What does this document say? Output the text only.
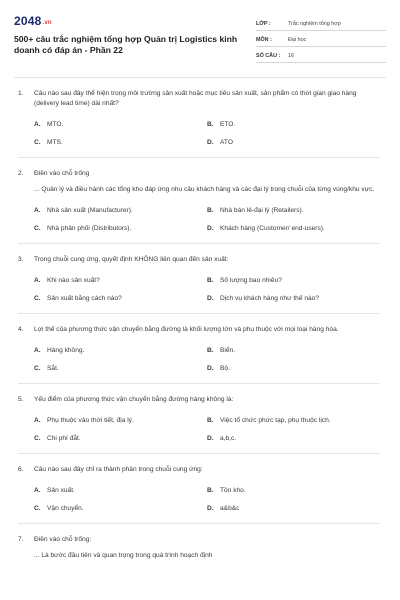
2048.vn
500+ câu trắc nghiệm tổng hợp Quản trị Logistics kinh doanh có đáp án - Phần 22
LỚP :	Trắc nghiệm tổng hợp
MÔN :	Đại học
SỐ CÂU :	16
1.	Câu nào sau đây thể hiện trong môi trường sản xuất hoặc mục tiêu sản xuất, sản phẩm có thời gian giao hàng (delivery lead time) dài nhất?
A. MTO.	B. ETO.
C. MTS.	D. ATO
2.	Điền vào chỗ trống
... Quản lý và điều hành các tổng kho đáp ứng nhu cầu khách hàng và các đại lý trong chuỗi của từng vùng/khu vực.
A. Nhà sản xuất (Manufacturer).	B. Nhà bán lẻ-đại lý (Retailers).
C. Nhà phân phối (Distributors).	D. Khách hàng (Customer/ end-users).
3.	Trong chuỗi cung ứng, quyết định KHÔNG liên quan đến sản xuất:
A. Khi nào sản xuất?	B. Số lượng bao nhiêu?
C. Sản xuất bằng cách nào?	D. Dịch vụ khách hàng như thế nào?
4.	Lợi thế của phương thức vận chuyển bằng đường là khối lượng lớn và phụ thuộc với mọi loại hàng hóa.
A. Hàng không.	B. Biển.
C. Sắt.	D. Bộ.
5.	Yếu điểm của phương thức vận chuyển bằng đường hàng không là:
A. Phụ thuộc vào thời tiết, địa lý.	B. Việc tổ chức phức tạp, phụ thuộc lịch.
C. Chi phí đắt.	D. a,b,c.
6.	Câu nào sau đây chỉ ra thành phần trong chuỗi cung ứng:
A. Sản xuất.	B. Tồn kho.
C. Vận chuyển.	D. a&b&c
7.	Điền vào chỗ trống:
... Là bước đầu tiên và quan trọng trong quá trình hoạch định
